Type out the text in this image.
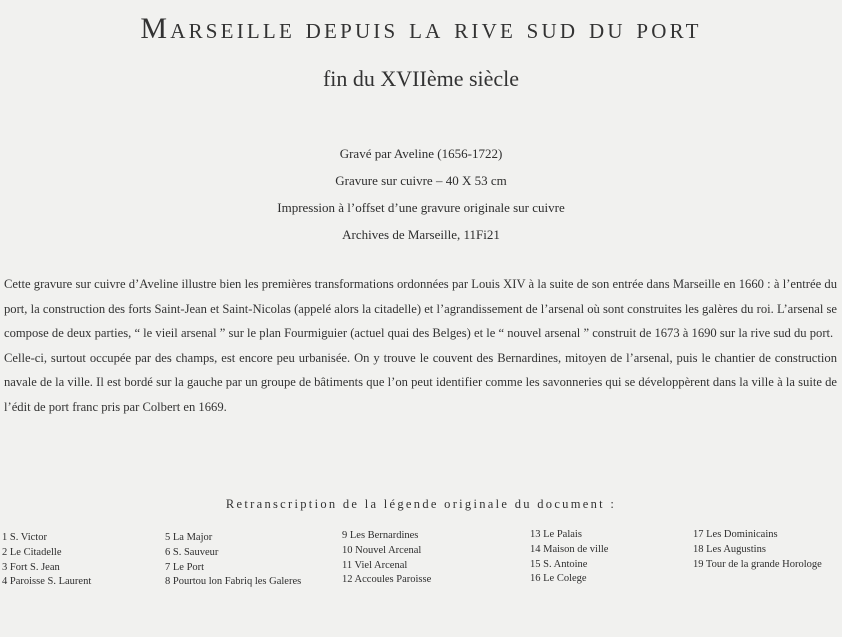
Marseille depuis la rive sud du port
fin du XVIIème siècle
Gravé par Aveline (1656-1722)
Gravure sur cuivre – 40 X 53 cm
Impression à l’offset d’une gravure originale sur cuivre
Archives de Marseille, 11Fi21

Cette gravure sur cuivre d’Aveline illustre bien les premières transformations ordonnées par Louis XIV à la suite de son entrée dans Marseille en 1660 : à l’entrée du port, la construction des forts Saint-Jean et Saint-Nicolas (appelé alors la citadelle) et l’agrandissement de l’arsenal où sont construites les galères du roi. L’arsenal se compose de deux parties, “ le vieil arsenal ” sur le plan Fourmiguier (actuel quai des Belges) et le “ nouvel arsenal ” construit de 1673 à 1690 sur la rive sud du port.

Celle-ci, surtout occupée par des champs, est encore peu urbanisée. On y trouve le couvent des Bernardines, mitoyen de l’arsenal, puis le chantier de construction navale de la ville. Il est bordé sur la gauche par un groupe de bâtiments que l’on peut identifier comme les savonneries qui se développèrent dans la ville à la suite de l’édit de port franc pris par Colbert en 1669.

Retranscription de la légende originale du document :
1 S. Victor
2 Le Citadelle
3 Fort S. Jean
4 Paroisse S. Laurent
5 La Major
6 S. Sauveur
7 Le Port
8 Pourtou lon Fabriq les Galeres
9 Les Bernardines
10 Nouvel Arcenal
11 Viel Arcenal
12 Accoules Paroisse
13 Le Palais
14 Maison de ville
15 S. Antoine
16 Le Colege
17 Les Dominicains
18 Les Augustins
19 Tour de la grande Horologe
